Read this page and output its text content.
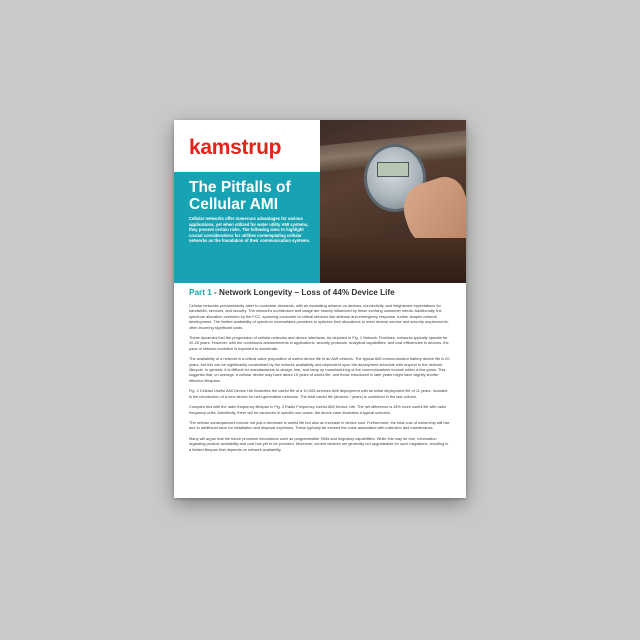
kamstrup
The Pitfalls of Cellular AMI
Cellular networks offer numerous advantages for various applications, yet when utilized for water utility AMI systems, they present certain risks. The following aims to highlight crucial considerations for utilities contemplating cellular networks as the foundation of their communication systems.
Part 1 - Network Longevity – Loss of 44% Device Life

Cellular networks predominantly cater to consumer demands, with an escalating reliance on devices, connectivity, and heightened expectations for bandwidth, services, and security. The network's architecture and usage are heavily influenced by these evolving consumer needs. Additionally, the spectrum allocation overseen by the FCC, spanning consumer to critical services like defense and emergency response, further shapes network development. The limited availability of spectrum necessitates providers to optimize their allocations to meet diverse service and security requirements, often incurring significant costs.

These dynamics fuel the progression of cellular networks and device interfaces. As depicted in Fig. 1 Network Timelines, networks typically operate for 20-25 years. However, with the continuous advancements in applications, security protocols, analytical capabilities, and cost efficiencies in devices, the pace of network evolution is expected to accelerate.

The availability of a network is a critical value proposition of useful device life in an AMI network. The typical AMI communication battery device life is 20 years, but this can be significantly constrained by the network availability and dependent upon the deployment schedule with respect to the network lifecycle. In general, it is difficult for manufacturers to design, test, and ramp up manufacturing of the communications module within a few years. This suggests that, on average, a cellular device may have about 15 years of useful life, and those introduced in later years might have slightly shorter effective lifespans.

Fig. 2 Cellular Useful AMI Device Life illustrates the useful life of a 10,000-services AMI deployment with an initial deployment life of 11 years. Included is the introduction of a new device for next-generation networks. The total useful life (devices * years) is combined in the last column.

Compare this with the radio frequency lifespan in Fig. 3 Radio Frequency Useful AMI Device Life. The net difference is 44% more useful life with radio frequency units. Admittedly, there will be variances in specific use cases; the above case illustrates a typical scenario.

The cellular consequences include not just a decrease in useful life but also an increase in device cost. Furthermore, the total cost of ownership will rise due to additional labor for installation and disposal expenses. These typically far exceed the costs associated with collection and maintenance.

Many will argue that the future promises innovations such as programmable SIMs and migratory capabilities. While this may be true, information regarding product availability and cost has yet to be provided. Moreover, current devices are generally not upgradeable for such migrations, resulting in a limited lifespan that depends on network availability.
